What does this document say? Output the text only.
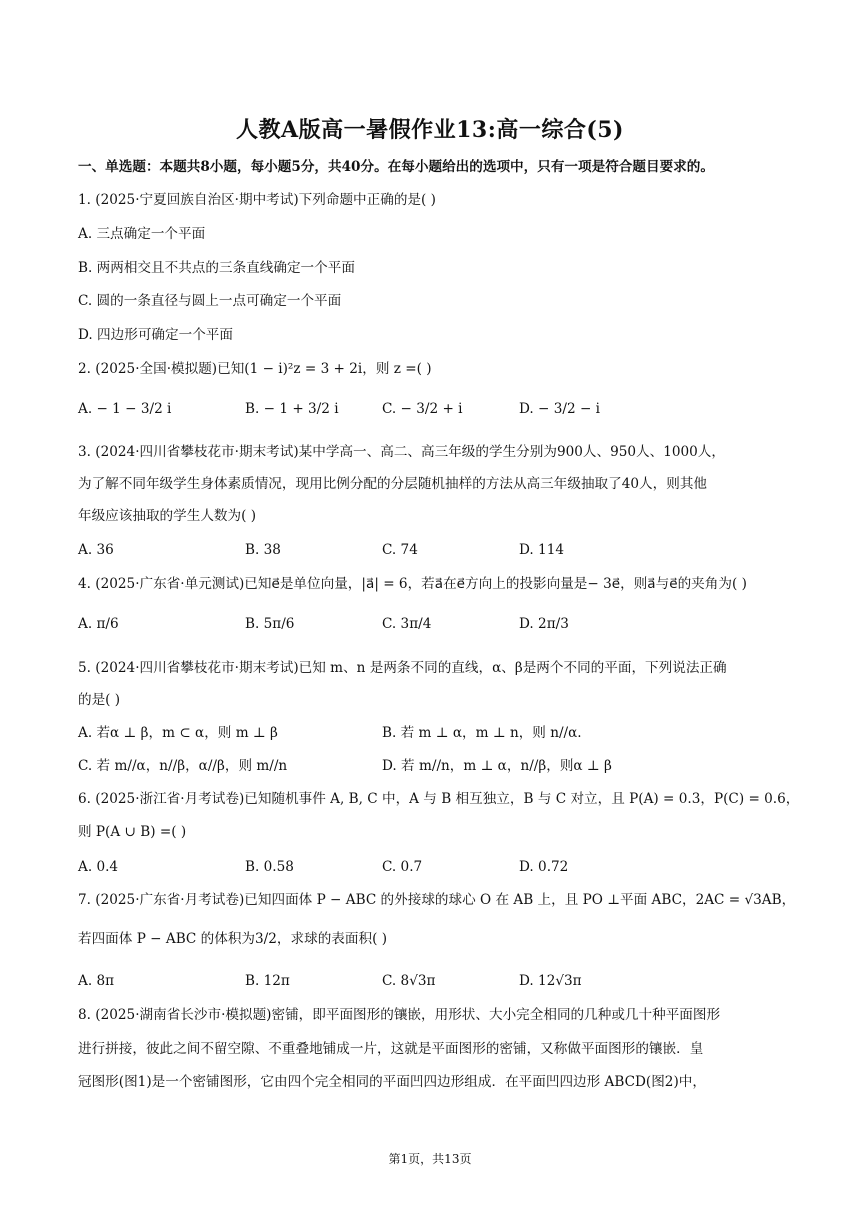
人教A版高一暑假作业13:高一综合(5)
一、单选题：本题共8小题，每小题5分，共40分。在每小题给出的选项中，只有一项是符合题目要求的。
1. (2025·宁夏回族自治区·期中考试)下列命题中正确的是( )
A. 三点确定一个平面
B. 两两相交且不共点的三条直线确定一个平面
C. 圆的一条直径与圆上一点可确定一个平面
D. 四边形可确定一个平面
2. (2025·全国·模拟题)已知(1 − i)²z = 3 + 2i，则 z =( )
A. − 1 − 3/2 i	B. − 1 + 3/2 i	C. − 3/2 + i	D. − 3/2 − i
3. (2024·四川省攀枝花市·期末考试)某中学高一、高二、高三年级的学生分别为900人、950人、1000人，
为了解不同年级学生身体素质情况，现用比例分配的分层随机抽样的方法从高三年级抽取了40人，则其他
年级应该抽取的学生人数为( )
A. 36	B. 38	C. 74	D. 114
4. (2025·广东省·单元测试)已知e⃗是单位向量，|a⃗| = 6，若a⃗在e⃗方向上的投影向量是− 3e⃗，则a⃗与e⃗的夹角为( )
A. π/6	B. 5π/6	C. 3π/4	D. 2π/3
5. (2024·四川省攀枝花市·期末考试)已知 m、n 是两条不同的直线，α、β是两个不同的平面，下列说法正确
的是( )
A. 若α ⊥ β，m ⊂ α，则 m ⊥ β	B. 若 m ⊥ α，m ⊥ n，则 n//α.
C. 若 m//α，n//β，α//β，则 m//n	D. 若 m//n，m ⊥ α，n//β，则α ⊥ β
6. (2025·浙江省·月考试卷)已知随机事件 A, B, C 中，A 与 B 相互独立，B 与 C 对立，且 P(A) = 0.3，P(C) = 0.6，
则 P(A ∪ B) =( )
A. 0.4	B. 0.58	C. 0.7	D. 0.72
7. (2025·广东省·月考试卷)已知四面体 P − ABC 的外接球的球心 O 在 AB 上，且 PO ⊥平面 ABC，2AC = √3AB，
若四面体 P − ABC 的体积为3/2，求球的表面积( )
A. 8π	B. 12π	C. 8√3π	D. 12√3π
8. (2025·湖南省长沙市·模拟题)密铺，即平面图形的镶嵌，用形状、大小完全相同的几种或几十种平面图形
进行拼接，彼此之间不留空隙、不重叠地铺成一片，这就是平面图形的密铺，又称做平面图形的镶嵌．皇
冠图形(图1)是一个密铺图形，它由四个完全相同的平面凹四边形组成．在平面凹四边形 ABCD(图2)中，
第1页，共13页
